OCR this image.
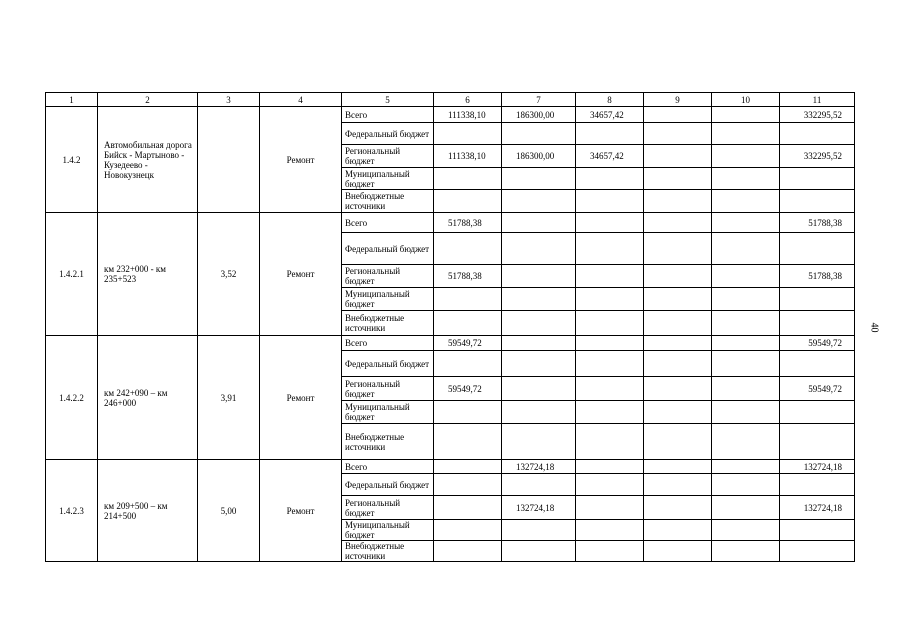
1	2	3	4	5	6	7	8	9	10	11
1.4.2	Автомобильная дорога Бийск - Мартыново - Кузедеево - Новокузнецк		Ремонт	Всего	111338,10	186300,00	34657,42			332295,52
				Федеральный бюджет						
				Региональный бюджет	111338,10	186300,00	34657,42			332295,52
				Муниципальный бюджет						
				Внебюджетные источники						
1.4.2.1	км 232+000 - км 235+523	3,52	Ремонт	Всего	51788,38					51788,38
				Федеральный бюджет						
				Региональный бюджет	51788,38					51788,38
				Муниципальный бюджет						
				Внебюджетные источники						
1.4.2.2	км 242+090 – км 246+000	3,91	Ремонт	Всего	59549,72					59549,72
				Федеральный бюджет						
				Региональный бюджет	59549,72					59549,72
				Муниципальный бюджет						
				Внебюджетные источники						
1.4.2.3	км 209+500 – км 214+500	5,00	Ремонт	Всего		132724,18				132724,18
				Федеральный бюджет						
				Региональный бюджет		132724,18				132724,18
				Муниципальный бюджет						
				Внебюджетные источники						
40
